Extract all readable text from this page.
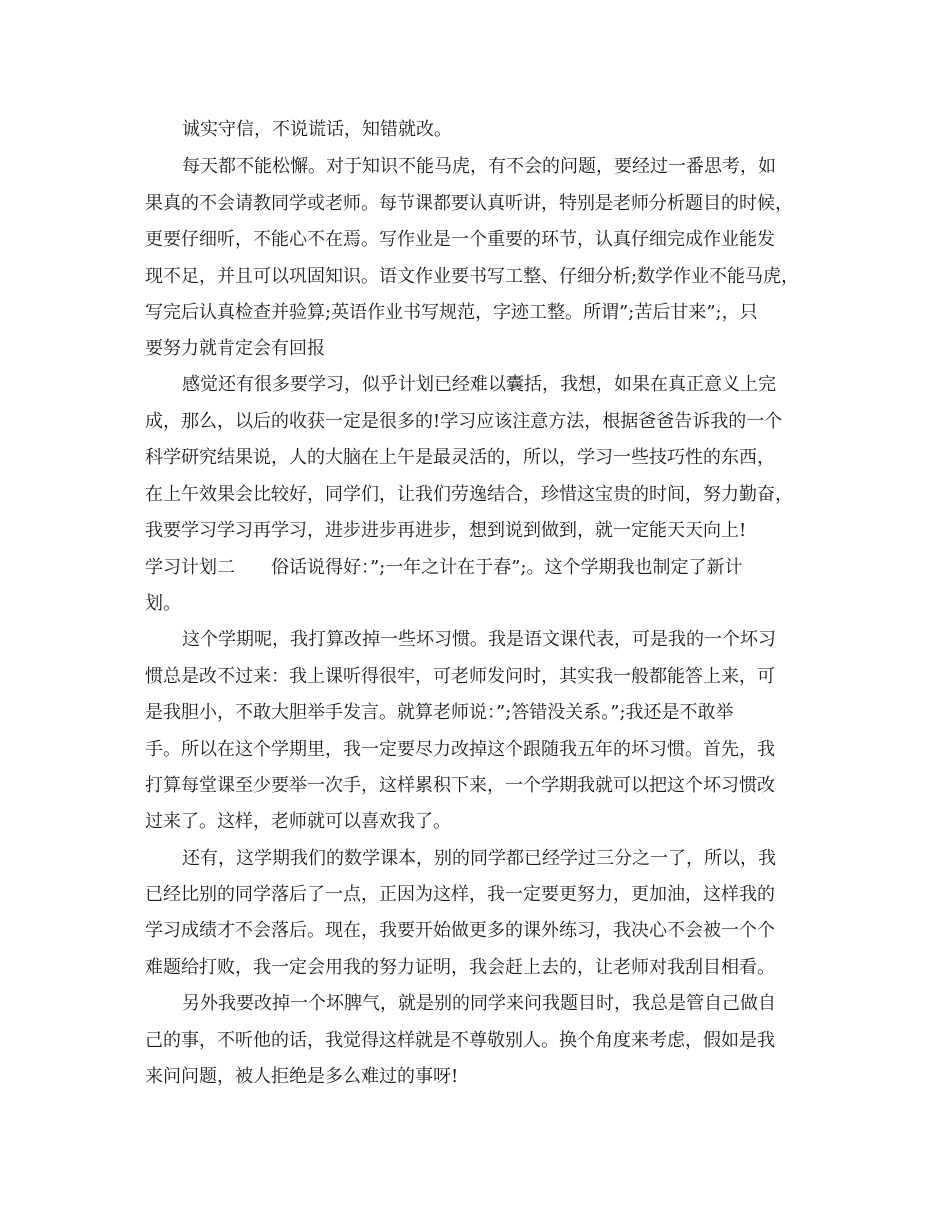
诚实守信，不说谎话，知错就改。
每天都不能松懈。对于知识不能马虎，有不会的问题，要经过一番思考，如
果真的不会请教同学或老师。每节课都要认真听讲，特别是老师分析题目的时候，
更要仔细听，不能心不在焉。写作业是一个重要的环节，认真仔细完成作业能发
现不足，并且可以巩固知识。语文作业要书写工整、仔细分析;数学作业不能马虎，
写完后认真检查并验算;英语作业书写规范，字迹工整。所谓”;苦后甘来”;，只
要努力就肯定会有回报
感觉还有很多要学习，似乎计划已经难以囊括，我想，如果在真正意义上完
成，那么，以后的收获一定是很多的!学习应该注意方法，根据爸爸告诉我的一个
科学研究结果说，人的大脑在上午是最灵活的，所以，学习一些技巧性的东西，
在上午效果会比较好，同学们，让我们劳逸结合，珍惜这宝贵的时间，努力勤奋，
我要学习学习再学习，进步进步再进步，想到说到做到，就一定能天天向上!
学习计划二　　俗话说得好：”;一年之计在于春”;。这个学期我也制定了新计
划。
这个学期呢，我打算改掉一些坏习惯。我是语文课代表，可是我的一个坏习
惯总是改不过来：我上课听得很牢，可老师发问时，其实我一般都能答上来，可
是我胆小，不敢大胆举手发言。就算老师说：”;答错没关系。”;我还是不敢举
手。所以在这个学期里，我一定要尽力改掉这个跟随我五年的坏习惯。首先，我
打算每堂课至少要举一次手，这样累积下来，一个学期我就可以把这个坏习惯改
过来了。这样，老师就可以喜欢我了。
还有，这学期我们的数学课本，别的同学都已经学过三分之一了，所以，我
已经比别的同学落后了一点，正因为这样，我一定要更努力，更加油，这样我的
学习成绩才不会落后。现在，我要开始做更多的课外练习，我决心不会被一个个
难题给打败，我一定会用我的努力证明，我会赶上去的，让老师对我刮目相看。
另外我要改掉一个坏脾气，就是别的同学来问我题目时，我总是管自己做自
己的事，不听他的话，我觉得这样就是不尊敬别人。换个角度来考虑，假如是我
来问问题，被人拒绝是多么难过的事呀!
